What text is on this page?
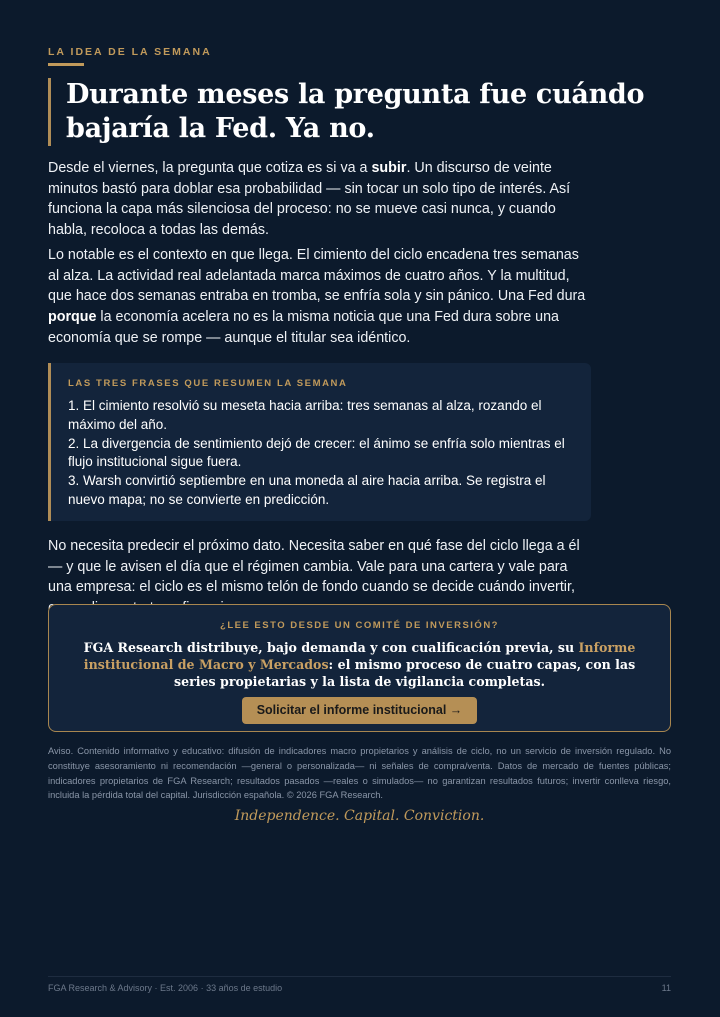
LA IDEA DE LA SEMANA
Durante meses la pregunta fue cuándo bajaría la Fed. Ya no.

Desde el viernes, la pregunta que cotiza es si va a subir. Un discurso de veinte minutos bastó para doblar esa probabilidad — sin tocar un solo tipo de interés. Así funciona la capa más silenciosa del proceso: no se mueve casi nunca, y cuando habla, recoloca a todas las demás.

Lo notable es el contexto en que llega. El cimiento del ciclo encadena tres semanas al alza. La actividad real adelantada marca máximos de cuatro años. Y la multitud, que hace dos semanas entraba en tromba, se enfría sola y sin pánico. Una Fed dura porque la economía acelera no es la misma noticia que una Fed dura sobre una economía que se rompe — aunque el titular sea idéntico.

LAS TRES FRASES QUE RESUMEN LA SEMANA
1. El cimiento resolvió su meseta hacia arriba: tres semanas al alza, rozando el máximo del año.
2. La divergencia de sentimiento dejó de crecer: el ánimo se enfría solo mientras el flujo institucional sigue fuera.
3. Warsh convirtió septiembre en una moneda al aire hacia arriba. Se registra el nuevo mapa; no se convierte en predicción.

No necesita predecir el próximo dato. Necesita saber en qué fase del ciclo llega a él — y que le avisen el día que el régimen cambia. Vale para una cartera y vale para una empresa: el ciclo es el mismo telón de fondo cuando se decide cuándo invertir,

¿LEE ESTO DESDE UN COMITÉ DE INVERSIÓN?
FGA Research distribuye, bajo demanda y con cualificación previa, su Informe institucional de Macro y Mercados: el mismo proceso de cuatro capas, con las series propietarias y la lista de vigilancia completas.
Solicitar el informe institucional →

Aviso. Contenido informativo y educativo: difusión de indicadores macro propietarios y análisis de ciclo, no un servicio de inversión regulado. No constituye asesoramiento ni recomendación —general o personalizada— ni señales de compra/venta. Datos de mercado de fuentes públicas; indicadores propietarios de FGA Research; resultados pasados —reales o simulados— no garantizan resultados futuros; invertir conlleva riesgo, incluida la pérdida total del capital. Jurisdicción española. © 2026 FGA Research.

Independence. Capital. Conviction.
FGA Research & Advisory · Est. 2006 · 33 años de estudio	11
